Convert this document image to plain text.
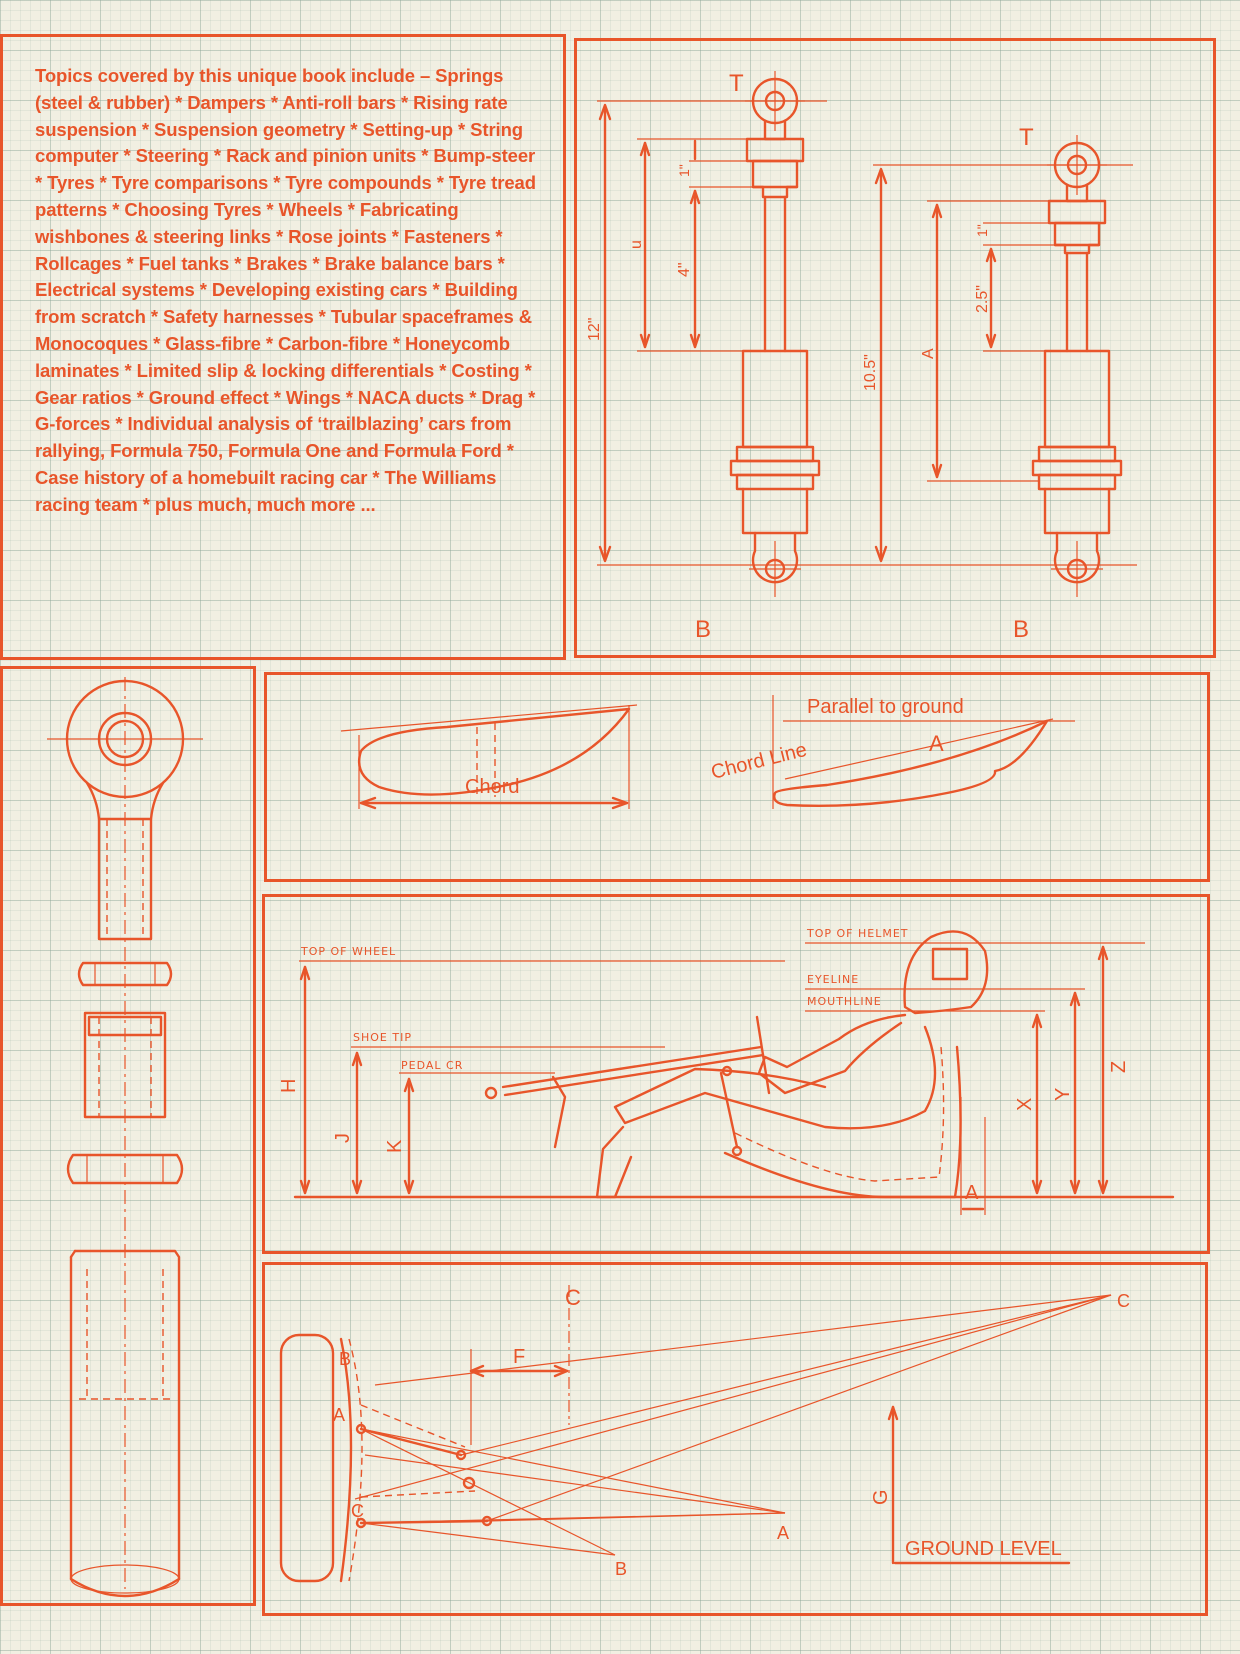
Topics covered by this unique book include – Springs (steel & rubber) * Dampers * Anti-roll bars * Rising rate suspension * Suspension geometry * Setting-up * String computer * Steering * Rack and pinion units * Bump-steer * Tyres * Tyre comparisons * Tyre compounds * Tyre tread patterns * Choosing Tyres * Wheels * Fabricating wishbones & steering links * Rose joints * Fasteners * Rollcages * Fuel tanks * Brakes * Brake balance bars * Electrical systems * Developing existing cars * Building from scratch * Safety harnesses * Tubular spaceframes & Monocoques * Glass-fibre * Carbon-fibre * Honeycomb laminates * Limited slip & locking differentials * Costing * Gear ratios * Ground effect * Wings * NACA ducts * Drag * G-forces * Individual analysis of ‘trailblazing’ cars from rallying, Formula 750, Formula One and Formula Ford * Case history of a homebuilt racing car * The Williams racing team * plus much, much more ...

T
B
12"
u
1"
4"
T
B
10.5"
A
1"
2.5"
Chord
Parallel to ground
A
Chord Line
TOP OF WHEEL
SHOE TIP
PEDAL CR
TOP OF HELMET
EYELINE
MOUTHLINE
H
J
K
X
Y
Z
A
GROUND LEVEL
G
C
F
B
A
C
A
B
C
